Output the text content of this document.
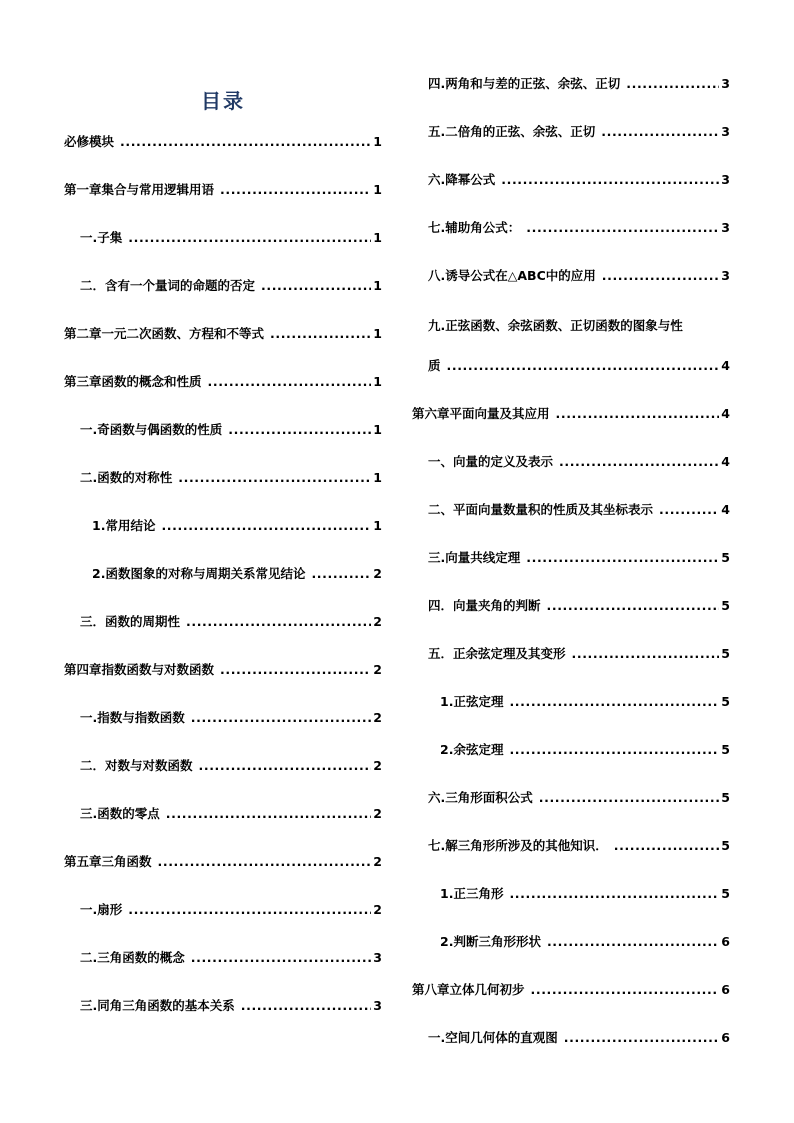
目录
必修模块 .....	1
第一章集合与常用逻辑用语 .....	1
一.子集 .....	1
二．含有一个量词的命题的否定 .....	1
第二章一元二次函数、方程和不等式 .....	1
第三章函数的概念和性质 .....	1
一.奇函数与偶函数的性质 .....	1
二.函数的对称性 .....	1
1.常用结论 .....	1
2.函数图象的对称与周期关系常见结论 .....	2
三．函数的周期性 .....	2
第四章指数函数与对数函数 .....	2
一.指数与指数函数 .....	2
二．对数与对数函数 .....	2
三.函数的零点 .....	2
第五章三角函数 .....	2
一.扇形 .....	2
二.三角函数的概念 .....	3
三.同角三角函数的基本关系 .....	3
四.两角和与差的正弦、余弦、正切 .....	3
五.二倍角的正弦、余弦、正切 .....	3
六.降幂公式 .....	3
七.辅助角公式： .....	3
八.诱导公式在△ABC中的应用 .....	3
九.正弦函数、余弦函数、正切函数的图象与性
质 .....	4
第六章平面向量及其应用 .....	4
一、向量的定义及表示 .....	4
二、平面向量数量积的性质及其坐标表示 .....	4
三.向量共线定理 .....	5
四．向量夹角的判断 .....	5
五．正余弦定理及其变形 .....	5
1.正弦定理 .....	5
2.余弦定理 .....	5
六.三角形面积公式 .....	5
七.解三角形所涉及的其他知识． .....	5
1.正三角形 .....	5
2.判断三角形形状 .....	6
第八章立体几何初步 .....	6
一.空间几何体的直观图 .....	6
